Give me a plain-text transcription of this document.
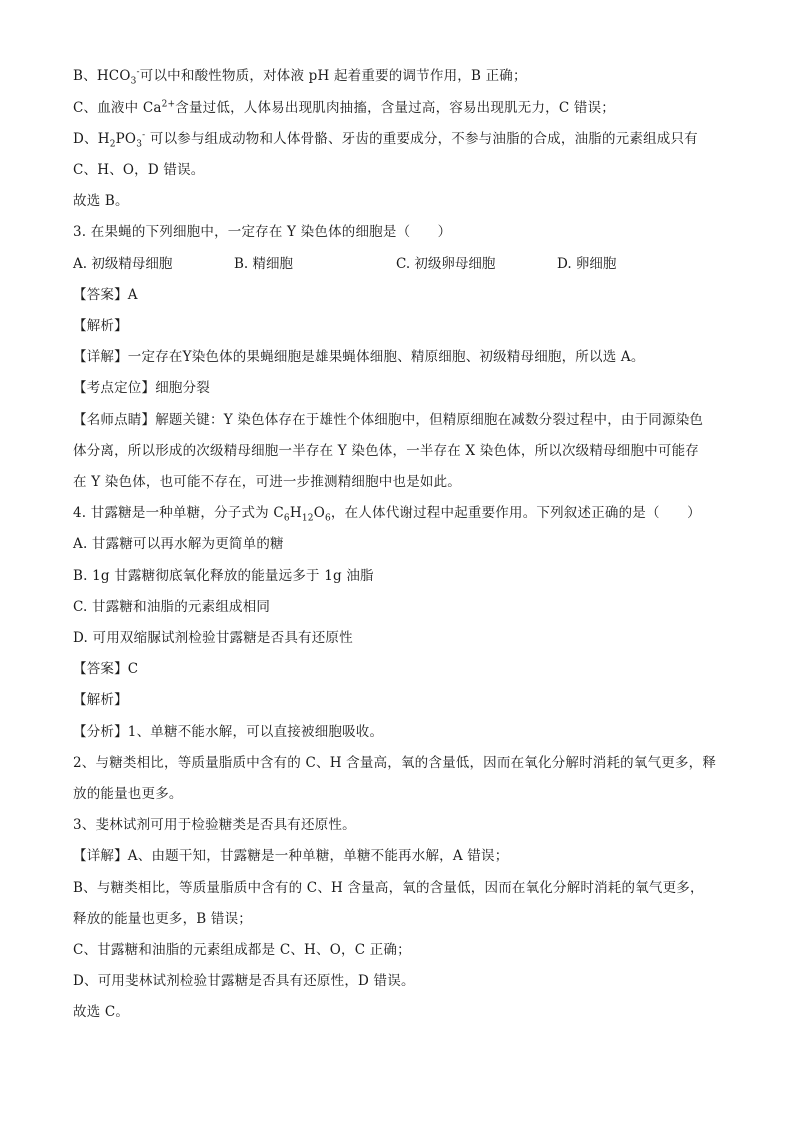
B、$HCO_3^-$可以中和酸性物质，对体液 pH 起着重要的调节作用，B 正确；
C、血液中 $Ca^{2+}$含量过低，人体易出现肌肉抽搐，含量过高，容易出现肌无力，C 错误；
D、$H_2PO_3^-$ 可以参与组成动物和人体骨骼、牙齿的重要成分，不参与油脂的合成，油脂的元素组成只有
C、H、O，D 错误。
故选 B。
3. 在果蝇的下列细胞中，一定存在 Y 染色体的细胞是（　　）
A. 初级精母细胞	B. 精细胞	C. 初级卵母细胞	D. 卵细胞
【答案】A
【解析】
【详解】一定存在Y染色体的果蝇细胞是雄果蝇体细胞、精原细胞、初级精母细胞，所以选 A。
【考点定位】细胞分裂
【名师点睛】解题关键：Y 染色体存在于雄性个体细胞中，但精原细胞在减数分裂过程中，由于同源染色
体分离，所以形成的次级精母细胞一半存在 Y 染色体，一半存在 X 染色体，所以次级精母细胞中可能存
在 Y 染色体，也可能不存在，可进一步推测精细胞中也是如此。
4. 甘露糖是一种单糖，分子式为 $C_6H_{12}O_6$，在人体代谢过程中起重要作用。下列叙述正确的是（　　）
A. 甘露糖可以再水解为更简单的糖
B. 1g 甘露糖彻底氧化释放的能量远多于 1g 油脂
C. 甘露糖和油脂的元素组成相同
D. 可用双缩脲试剂检验甘露糖是否具有还原性
【答案】C
【解析】
【分析】1、单糖不能水解，可以直接被细胞吸收。
2、与糖类相比，等质量脂质中含有的 C、H 含量高，氧的含量低，因而在氧化分解时消耗的氧气更多，释
放的能量也更多。
3、斐林试剂可用于检验糖类是否具有还原性。
【详解】A、由题干知，甘露糖是一种单糖，单糖不能再水解，A 错误；
B、与糖类相比，等质量脂质中含有的 C、H 含量高，氧的含量低，因而在氧化分解时消耗的氧气更多，
释放的能量也更多，B 错误；
C、甘露糖和油脂的元素组成都是 C、H、O，C 正确；
D、可用斐林试剂检验甘露糖是否具有还原性，D 错误。
故选 C。
